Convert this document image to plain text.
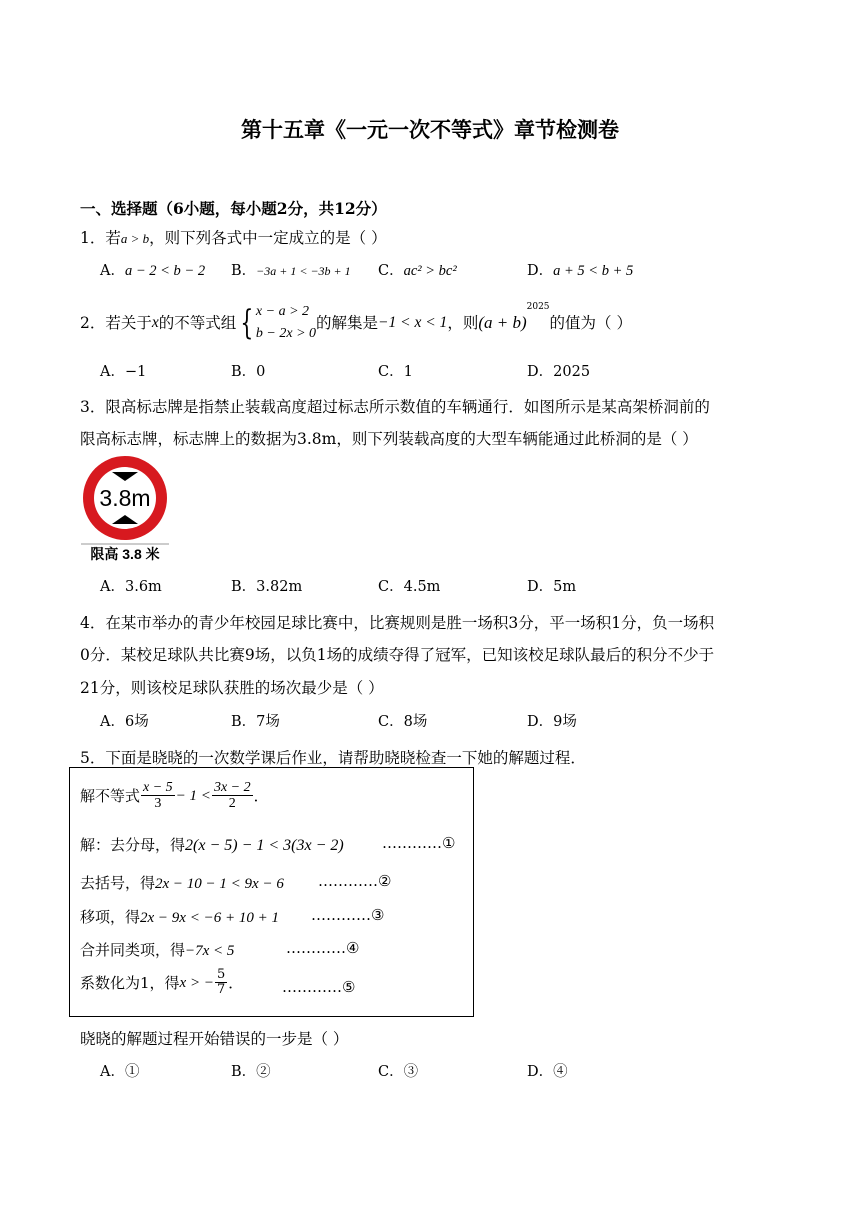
第十五章《一元一次不等式》章节检测卷
一、选择题（6小题，每小题2分，共12分）
1．若a > b，则下列各式中一定成立的是（ ）
A．a − 2 < b − 2 B．−3a + 1 < −3b + 1 C．ac² > bc²	D．a + 5 < b + 5
2．若关于x的不等式组 { x − a > 2
b − 2x > 0
的解集是−1 < x < 1，则$(a + b)^{2025}$的值为（ ）
A．−1	B．0	C．1	D．2025
3．限高标志牌是指禁止装载高度超过标志所示数值的车辆通行．如图所示是某高架桥洞前的
限高标志牌，标志牌上的数据为3.8m，则下列装载高度的大型车辆能通过此桥洞的是（ ）
3.8m
限高 3.8 米
A．3.6m	B．3.82m	C．4.5m	D．5m
4．在某市举办的青少年校园足球比赛中，比赛规则是胜一场积3分，平一场积1分，负一场积
0分．某校足球队共比赛9场，以负1场的成绩夺得了冠军，已知该校足球队最后的积分不少于
21分，则该校足球队获胜的场次最少是（ ）
A．6场	B．7场	C．8场	D．9场
5．下面是晓晓的一次数学课后作业，请帮助晓晓检查一下她的解题过程．
解不等式 $\frac{x - 5}{3} - 1 < \frac{3x - 2}{2}$ ．
解：去分母，得2(x − 5) − 1 < 3(3x − 2)	…………①
去括号，得2x − 10 − 1 < 9x − 6 …………②
移项，得2x − 9x < −6 + 10 + 1 …………③
合并同类项，得−7x < 5	…………④
系数化为1，得x > − $\frac{5}{7}$ ．	…………⑤
晓晓的解题过程开始错误的一步是（ ）
A．①	B．②	C．③	D．④
